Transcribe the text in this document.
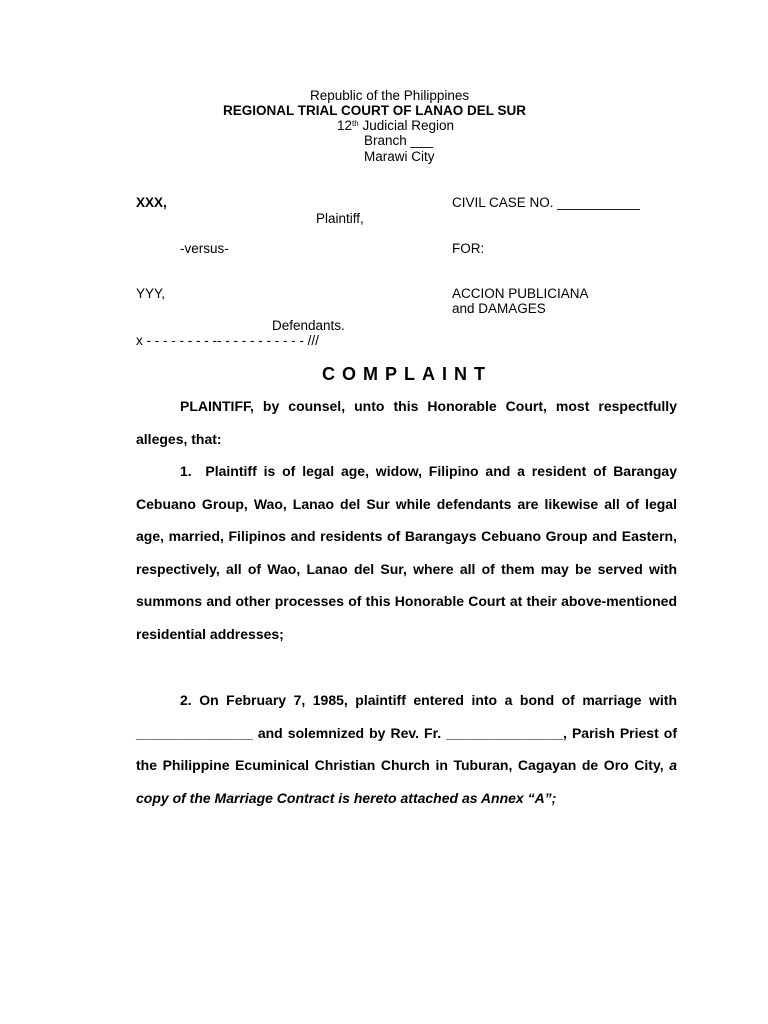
Republic of the Philippines
REGIONAL TRIAL COURT OF LANAO DEL SUR
12th Judicial Region
Branch ___
Marawi City
XXX,
Plaintiff,
-versus-
YYY,
Defendants.
x - - - - - - - - -- - - - - - - - - - - ///
CIVIL CASE NO. ___________
FOR:
ACCION PUBLICIANA
and DAMAGES
COMPLAINT
PLAINTIFF, by counsel, unto this Honorable Court, most respectfully alleges, that:
1. Plaintiff is of legal age, widow, Filipino and a resident of Barangay Cebuano Group, Wao, Lanao del Sur while defendants are likewise all of legal age, married, Filipinos and residents of Barangays Cebuano Group and Eastern, respectively, all of Wao, Lanao del Sur, where all of them may be served with summons and other processes of this Honorable Court at their above-mentioned residential addresses;
2. On February 7, 1985, plaintiff entered into a bond of marriage with _______________ and solemnized by Rev. Fr. _______________, Parish Priest of the Philippine Ecuminical Christian Church in Tuburan, Cagayan de Oro City, a copy of the Marriage Contract is hereto attached as Annex “A”;
